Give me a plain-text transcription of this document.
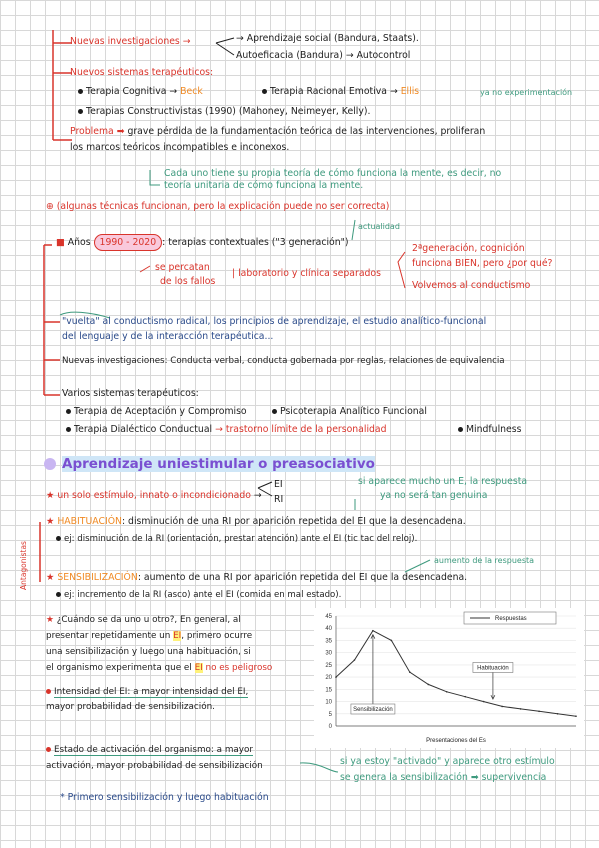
Nuevas investigaciones →	→ Aprendizaje social (Bandura, Staats).
Autoeficacia (Bandura) → Autocontrol
Nuevos sistemas terapéuticos:
Terapia Cognitiva → Beck	Terapia Racional Emotiva → Ellis	ya no experimentación
Terapias Constructivistas (1990) (Mahoney, Neimeyer, Kelly).
Problema ➡ grave pérdida de la fundamentación teórica de las intervenciones, proliferan
los marcos teóricos incompatibles e inconexos.
Cada uno tiene su propia teoría de cómo funciona la mente, es decir, no
teoría unitaria de cómo funciona la mente.
⊕ (algunas técnicas funcionan, pero la explicación puede no ser correcta)
■ Años 1990 - 2020 : terapias contextuales ("3 generación")
actualidad
se percatan
de los fallos
| laboratorio y clínica separados
2ªgeneración, cognición
funciona BIEN, pero ¿por qué?
Volvemos al conductismo
"vuelta" al conductismo radical, los principios de aprendizaje, el estudio analítico-funcional
del lenguaje y de la interacción terapéutica...
Nuevas investigaciones: Conducta verbal, conducta gobernada por reglas, relaciones de equivalencia
Varios sistemas terapéuticos:
Terapia de Aceptación y Compromiso	Psicoterapia Analítico Funcional
Terapia Dialéctico Conductual → trastorno límite de la personalidad	Mindfulness
Aprendizaje uniestimular o preasociativo
★ un solo estímulo, innato o incondicionado →
EI
RI
si aparece mucho un E, la respuesta
ya no será tan genuina
Antagonistas
★ HABITUACIÓN: disminución de una RI por aparición repetida del EI que la desencadena.
ej: disminución de la RI (orientación, prestar atención) ante el EI (tic tac del reloj).
aumento de la respuesta
★ SENSIBILIZACIÓN: aumento de una RI por aparición repetida del EI que la desencadena.
ej: incremento de la RI (asco) ante el EI (comida en mal estado).
★ ¿Cuándo se da uno u otro?, En general, al
presentar repetidamente un EI, primero ocurre
una sensibilización y luego una habituación, si
el organismo experimenta que el EI no es peligroso
Intensidad del EI: a mayor intensidad del EI,
mayor probabilidad de sensibilización.
Estado de activación del organismo: a mayor
activación, mayor probabilidad de sensibilización	si ya estoy "activado" y aparece otro estímulo
se genera la sensibilización ➡ supervivencia
* Primero sensibilización y luego habituación
0
5
10
15
20
25
30
35
40
45	Respuestas
Sensibilización
Habituación
Presentaciones del Es
